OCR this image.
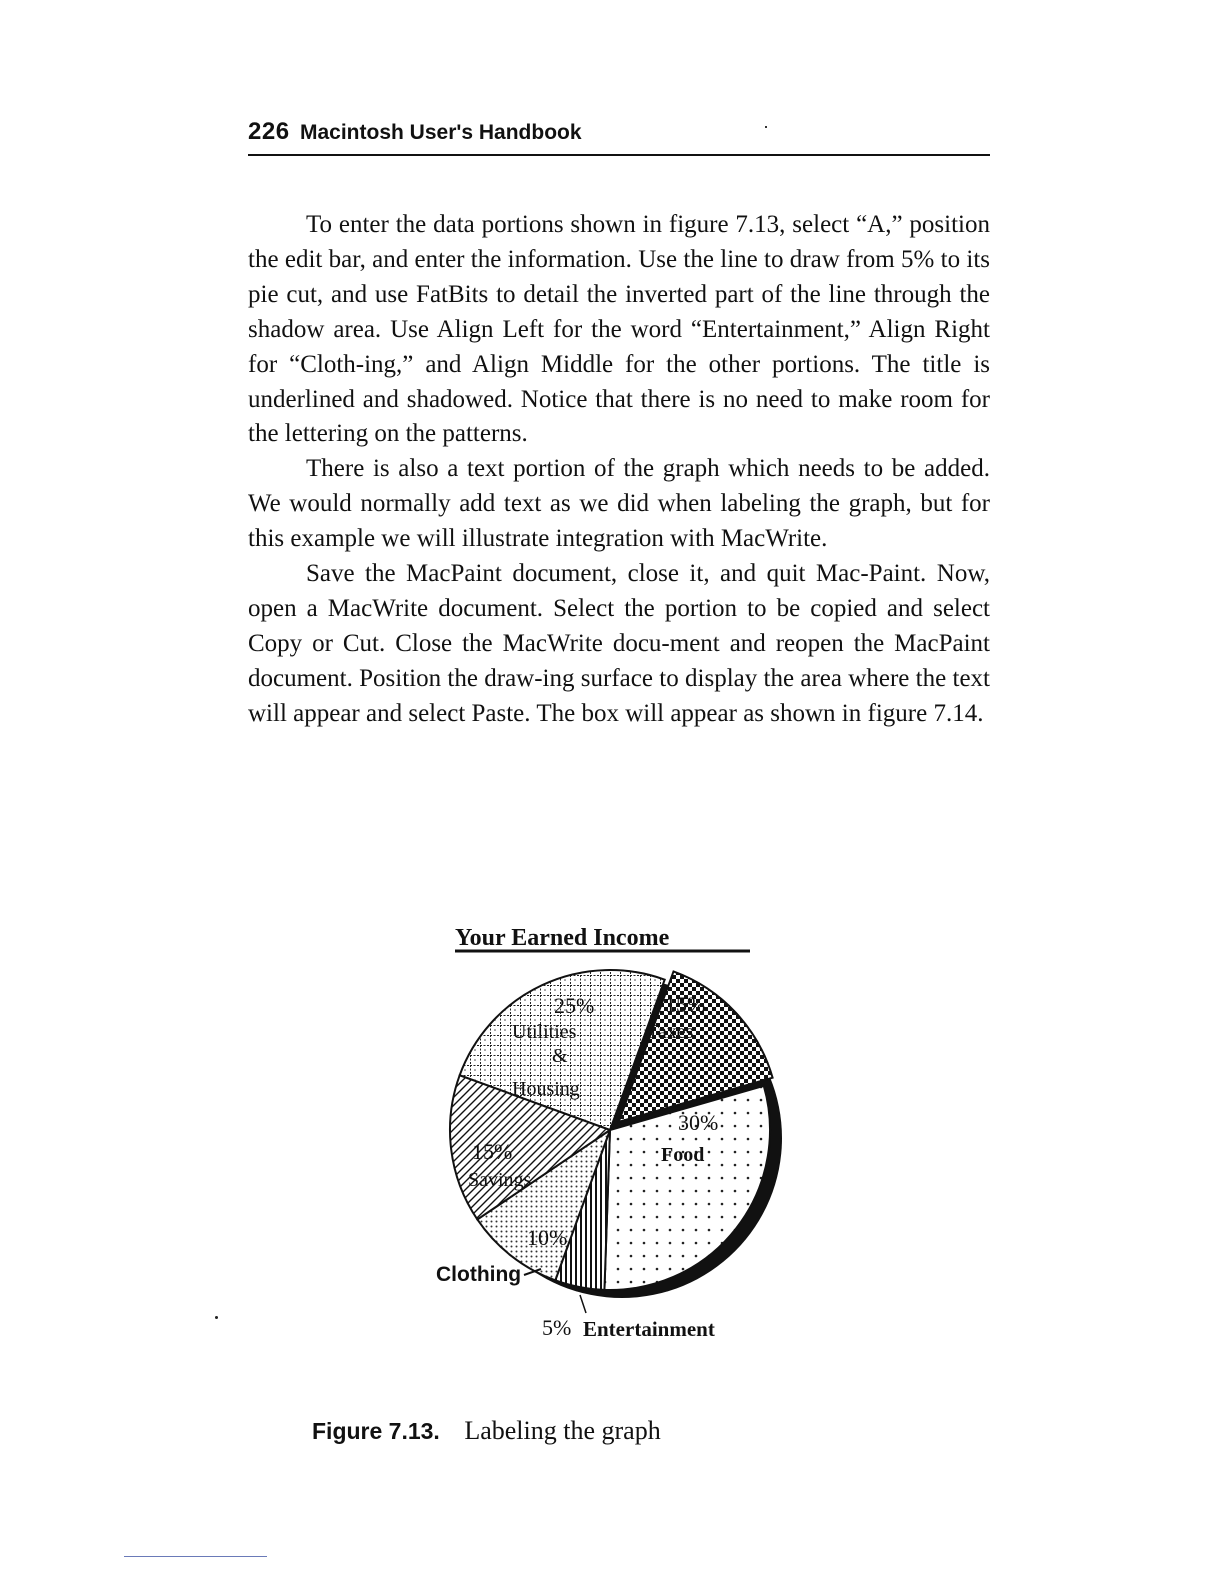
226 Macintosh User's Handbook

To enter the data portions shown in figure 7.13, select “A,” position the edit bar, and enter the information. Use the line to draw from 5% to its pie cut, and use FatBits to detail the inverted part of the line through the shadow area. Use Align Left for the word “Entertainment,” Align Right for “Cloth-ing,” and Align Middle for the other portions. The title is underlined and shadowed. Notice that there is no need to make room for the lettering on the patterns.

There is also a text portion of the graph which needs to be added. We would normally add text as we did when labeling the graph, but for this example we will illustrate integration with MacWrite.

Save the MacPaint document, close it, and quit Mac-Paint. Now, open a MacWrite document. Select the portion to be copied and select Copy or Cut. Close the MacWrite docu-ment and reopen the MacPaint document. Position the draw-ing surface to display the area where the text will appear and select Paste. The box will appear as shown in figure 7.14.

Your Earned Income
25%
Utilities
&
Housing
15%
Taxes
30%
Food
15%
Savings
10%
Clothing
5% Entertainment
Figure 7.13. Labeling the graph
